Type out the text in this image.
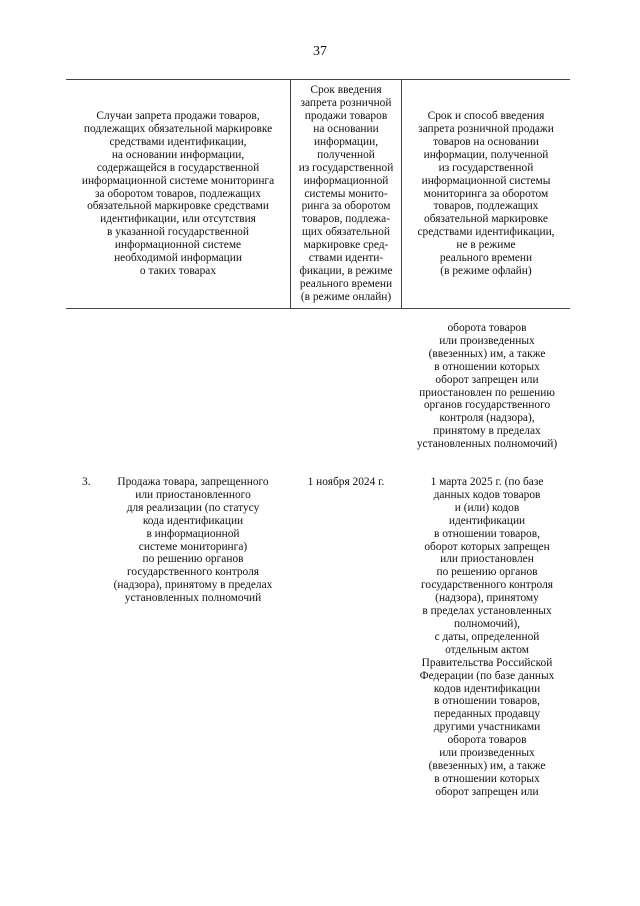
37
Случаи запрета продажи товаров,
подлежащих обязательной маркировке
средствами идентификации,
на основании информации,
содержащейся в государственной
информационной системе мониторинга
за оборотом товаров, подлежащих
обязательной маркировке средствами
идентификации, или отсутствия
в указанной государственной
информационной системе
необходимой информации
о таких товарах
Срок введения
запрета розничной
продажи товаров
на основании
информации,
полученной
из государственной
информационной
системы монито-
ринга за оборотом
товаров, подлежа-
щих обязательной
маркировке сред-
ствами иденти-
фикации, в режиме
реального времени
(в режиме онлайн)
Срок и способ введения
запрета розничной продажи
товаров на основании
информации, полученной
из государственной
информационной системы
мониторинга за оборотом
товаров, подлежащих
обязательной маркировке
средствами идентификации,
не в режиме
реального времени
(в режиме офлайн)
оборота товаров
или произведенных
(ввезенных) им, а также
в отношении которых
оборот запрещен или
приостановлен по решению
органов государственного
контроля (надзора),
принятому в пределах
установленных полномочий)
3.	Продажа товара, запрещенного
или приостановленного
для реализации (по статусу
кода идентификации
в информационной
системе мониторинга)
по решению органов
государственного контроля
(надзора), принятому в пределах
установленных полномочий
1 ноября 2024 г.	1 марта 2025 г. (по базе
данных кодов товаров
и (или) кодов
идентификации
в отношении товаров,
оборот которых запрещен
или приостановлен
по решению органов
государственного контроля
(надзора), принятому
в пределах установленных
полномочий),
с даты, определенной
отдельным актом
Правительства Российской
Федерации (по базе данных
кодов идентификации
в отношении товаров,
переданных продавцу
другими участниками
оборота товаров
или произведенных
(ввезенных) им, а также
в отношении которых
оборот запрещен или
